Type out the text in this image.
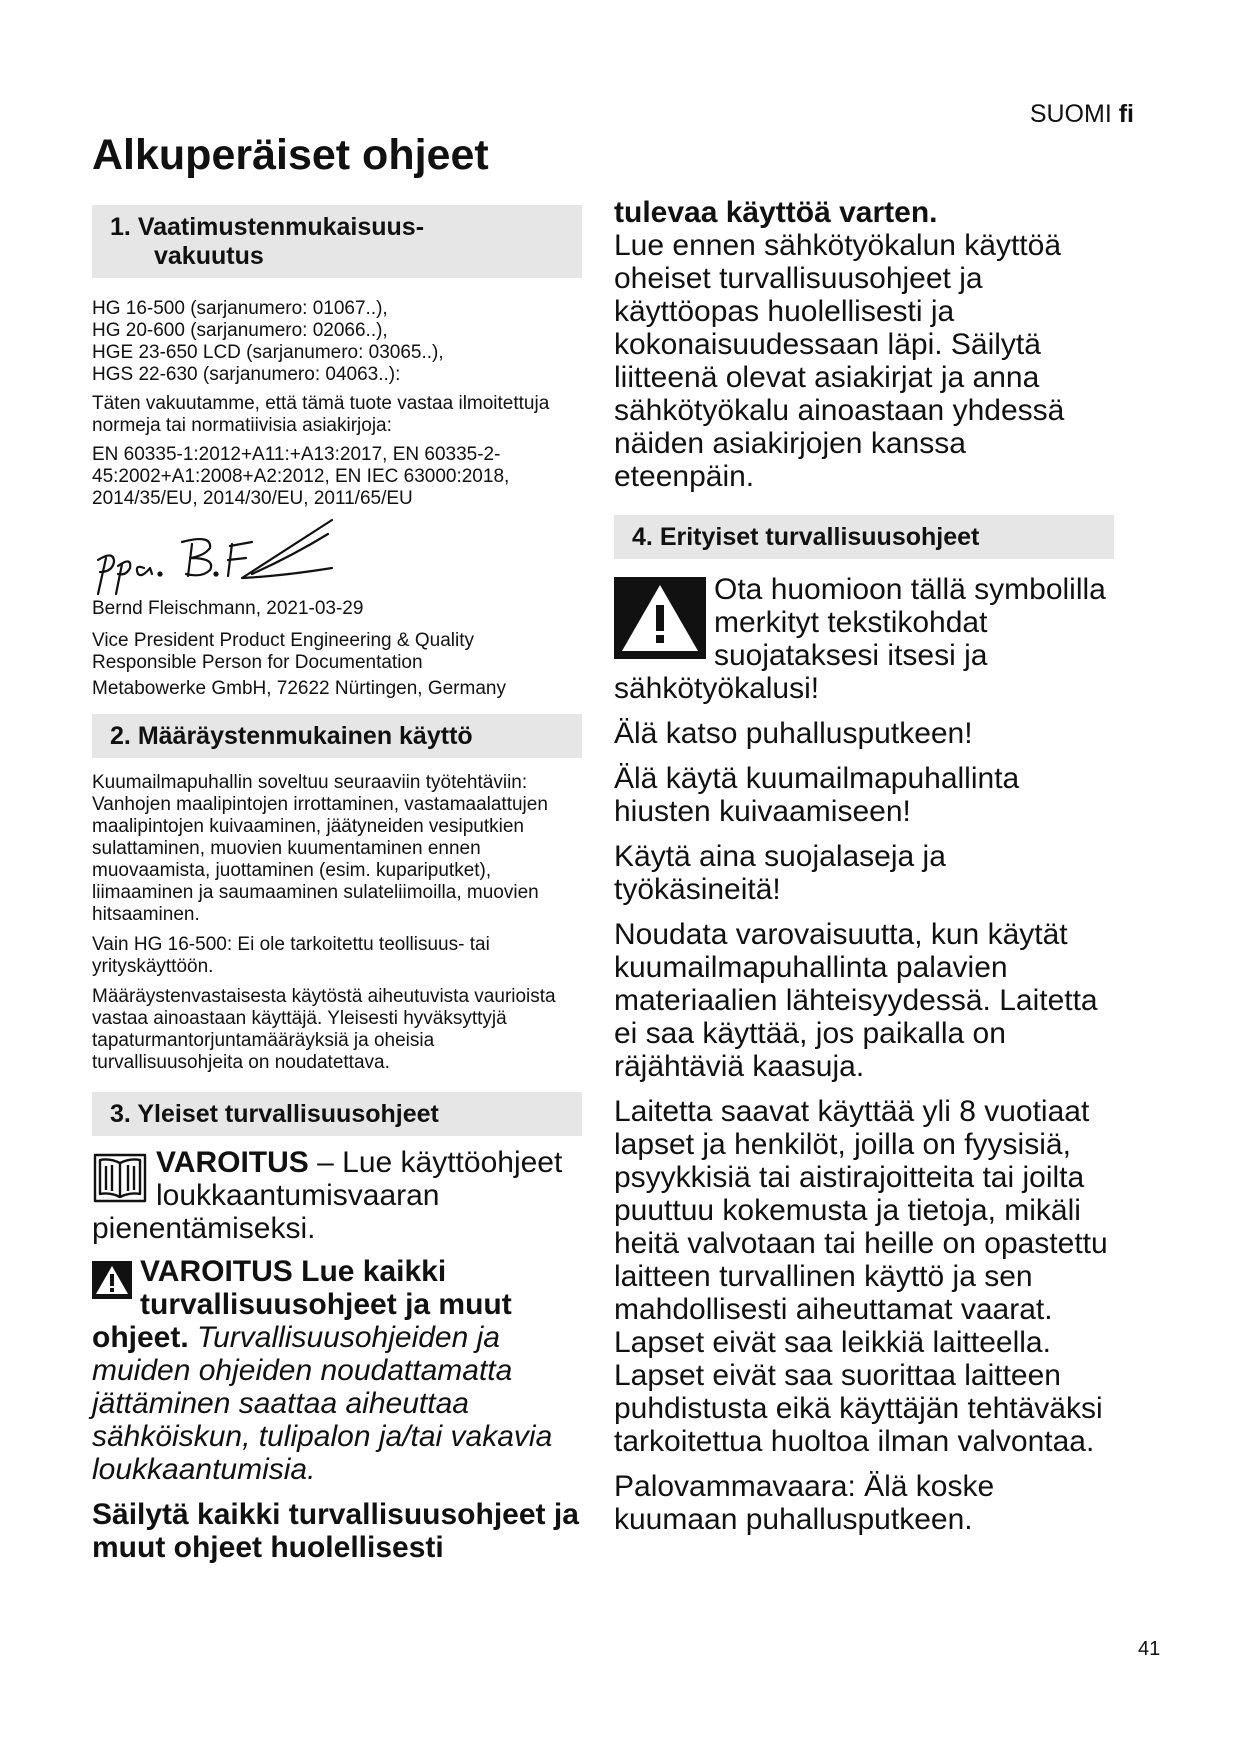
SUOMI fi
Alkuperäiset ohjeet
1. Vaatimustenmukaisuus-
vakuutus

HG 16-500 (sarjanumero: 01067..),

HG 20-600 (sarjanumero: 02066..),

HGE 23-650 LCD (sarjanumero: 03065..),

HGS 22-630 (sarjanumero: 04063..):

Täten vakuutamme, että tämä tuote vastaa ilmoitettuja normeja tai normatiivisia asiakirjoja:

EN 60335-1:2012+A11:+A13:2017, EN 60335-2-45:2002+A1:2008+A2:2012, EN IEC 63000:2018, 2014/35/EU, 2014/30/EU, 2011/65/EU

Bernd Fleischmann, 2021-03-29

Vice President Product Engineering & Quality Responsible Person for Documentation

Metabowerke GmbH, 72622 Nürtingen, Germany

2. Määräystenmukainen käyttö

Kuumailmapuhallin soveltuu seuraaviin työtehtäviin:

Vanhojen maalipintojen irrottaminen, vastamaalattujen maalipintojen kuivaaminen, jäätyneiden vesiputkien sulattaminen, muovien kuumentaminen ennen muovaamista, juottaminen (esim. kupariputket), liimaaminen ja saumaaminen sulateliimoilla, muovien hitsaaminen.

Vain HG 16-500: Ei ole tarkoitettu teollisuus- tai yrityskäyttöön.

Määräystenvastaisesta käytöstä aiheutuvista vaurioista vastaa ainoastaan käyttäjä. Yleisesti hyväksyttyjä tapaturmantorjuntamääräyksiä ja oheisia turvallisuusohjeita on noudatettava.

3. Yleiset turvallisuusohjeet

VAROITUS – Lue käyttöohjeet loukkaantumisvaaran pienentämiseksi.

VAROITUS Lue kaikki turvallisuusohjeet ja muut ohjeet. Turvallisuusohjeiden ja muiden ohjeiden noudattamatta jättäminen saattaa aiheuttaa sähköiskun, tulipalon ja/tai vakavia loukkaantumisia.

Säilytä kaikki turvallisuusohjeet ja muut ohjeet huolellisesti

tulevaa käyttöä varten.

Lue ennen sähkötyökalun käyttöä oheiset turvallisuusohjeet ja käyttöopas huolellisesti ja kokonaisuudessaan läpi. Säilytä liitteenä olevat asiakirjat ja anna sähkötyökalu ainoastaan yhdessä näiden asiakirjojen kanssa eteenpäin.

4. Erityiset turvallisuusohjeet

Ota huomioon tällä symbolilla merkityt tekstikohdat suojataksesi itsesi ja sähkötyökalusi!

Älä katso puhallusputkeen!

Älä käytä kuumailmapuhallinta hiusten kuivaamiseen!

Käytä aina suojalaseja ja työkäsineitä!

Noudata varovaisuutta, kun käytät kuumailmapuhallinta palavien materiaalien lähteisyydessä. Laitetta ei saa käyttää, jos paikalla on räjähtäviä kaasuja.

Laitetta saavat käyttää yli 8 vuotiaat lapset ja henkilöt, joilla on fyysisiä, psyykkisiä tai aistirajoitteita tai joilta puuttuu kokemusta ja tietoja, mikäli heitä valvotaan tai heille on opastettu laitteen turvallinen käyttö ja sen mahdollisesti aiheuttamat vaarat. Lapset eivät saa leikkiä laitteella. Lapset eivät saa suorittaa laitteen puhdistusta eikä käyttäjän tehtäväksi tarkoitettua huoltoa ilman valvontaa.

Palovammavaara: Älä koske kuumaan puhallusputkeen.

41
